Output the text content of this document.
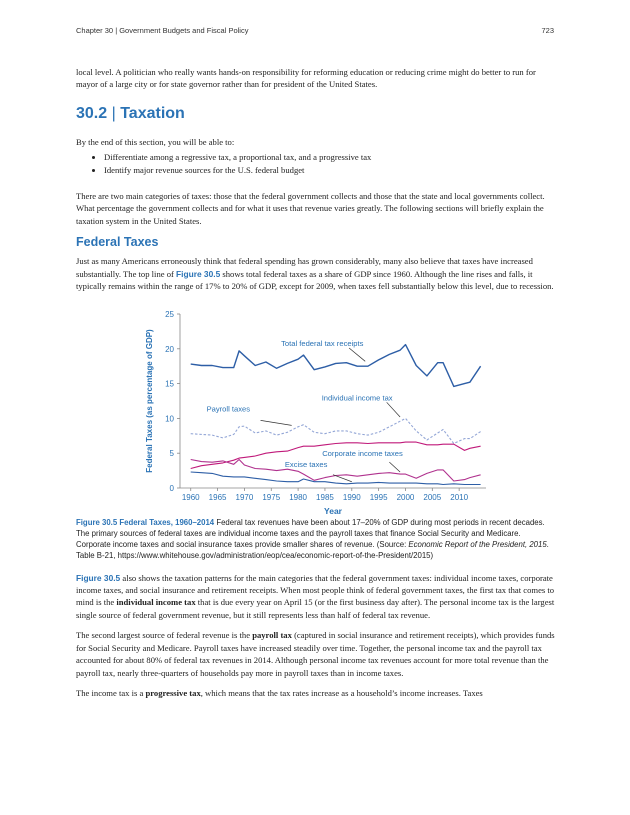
Chapter 30 | Government Budgets and Fiscal Policy	723

local level. A politician who really wants hands-on responsibility for reforming education or reducing crime might do better to run for mayor of a large city or for state governor rather than for president of the United States.

30.2 | Taxation

By the end of this section, you will be able to:

• Differentiate among a regressive tax, a proportional tax, and a progressive tax
• Identify major revenue sources for the U.S. federal budget

There are two main categories of taxes: those that the federal government collects and those that the state and local governments collect. What percentage the government collects and for what it uses that revenue varies greatly. The following sections will briefly explain the taxation system in the United States.

Federal Taxes

Just as many Americans erroneously think that federal spending has grown considerably, many also believe that taxes have increased substantially. The top line of Figure 30.5 shows total federal taxes as a share of GDP since 1960. Although the line rises and falls, it typically remains within the range of 17% to 20% of GDP, except for 2009, when taxes fell substantially below this level, due to recession.

0
5
10
15
20
25
1960 1965 1970 1975 1980 1985 1990 1995 2000 2005 2010
Year
Federal Taxes (as percentage of GDP)	Total federal tax receipts
Individual income tax
Payroll taxes
Corporate income taxes
Excise taxes
Figure 30.5 Federal Taxes, 1960–2014 Federal tax revenues have been about 17–20% of GDP during most periods in recent decades. The primary sources of federal taxes are individual income taxes and the payroll taxes that finance Social Security and Medicare. Corporate income taxes and social insurance taxes provide smaller shares of revenue. (Source: Economic Report of the President, 2015. Table B-21, https://www.whitehouse.gov/administration/eop/cea/economic-report-of-the-President/2015)

Figure 30.5 also shows the taxation patterns for the main categories that the federal government taxes: individual income taxes, corporate income taxes, and social insurance and retirement receipts. When most people think of federal government taxes, the first tax that comes to mind is the individual income tax that is due every year on April 15 (or the first business day after). The personal income tax is the largest single source of federal government revenue, but it still represents less than half of federal tax revenue.

The second largest source of federal revenue is the payroll tax (captured in social insurance and retirement receipts), which provides funds for Social Security and Medicare. Payroll taxes have increased steadily over time. Together, the personal income tax and the payroll tax accounted for about 80% of federal tax revenues in 2014. Although personal income tax revenues account for more total revenue than the payroll tax, nearly three-quarters of households pay more in payroll taxes than in income taxes.

The income tax is a progressive tax, which means that the tax rates increase as a household’s income increases. Taxes
